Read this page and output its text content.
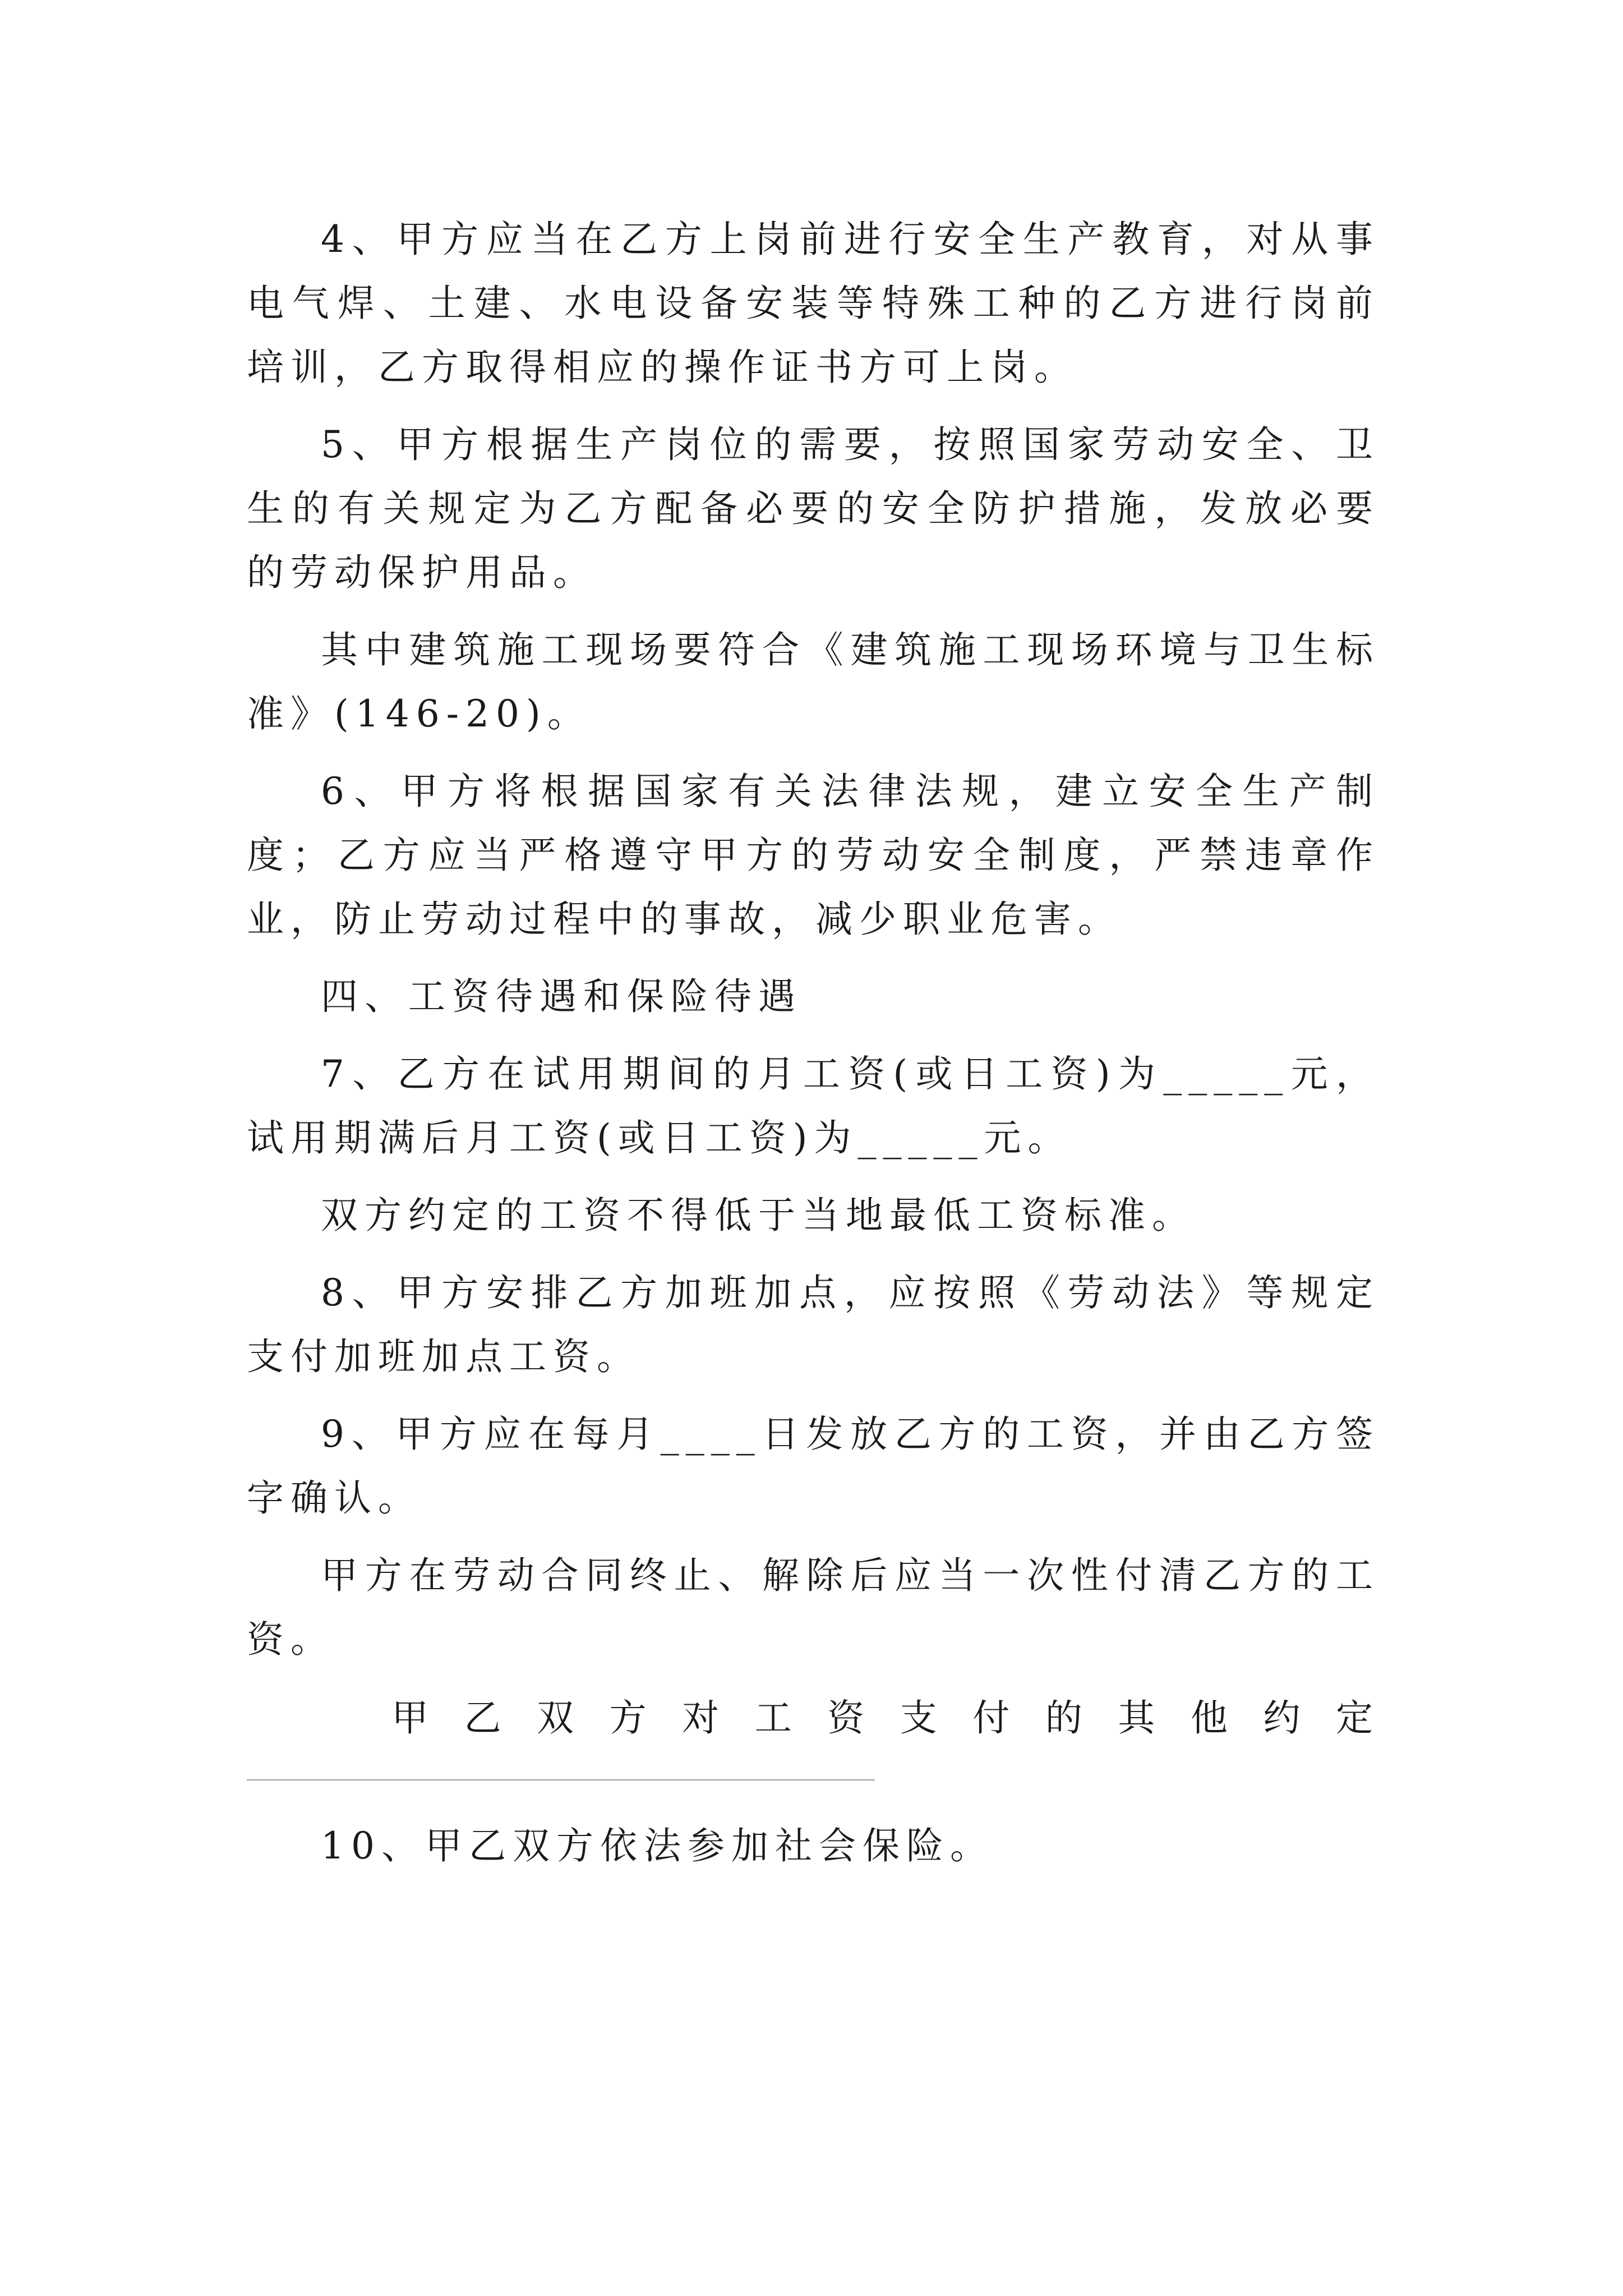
4、甲方应当在乙方上岗前进行安全生产教育，对从事电气焊、土建、水电设备安装等特殊工种的乙方进行岗前培训，乙方取得相应的操作证书方可上岗。

5、甲方根据生产岗位的需要，按照国家劳动安全、卫生的有关规定为乙方配备必要的安全防护措施，发放必要的劳动保护用品。

其中建筑施工现场要符合《建筑施工现场环境与卫生标准》(146-20)。

6、甲方将根据国家有关法律法规，建立安全生产制度；乙方应当严格遵守甲方的劳动安全制度，严禁违章作业，防止劳动过程中的事故，减少职业危害。

四、工资待遇和保险待遇

7、乙方在试用期间的月工资(或日工资)为_____元，试用期满后月工资(或日工资)为_____元。

双方约定的工资不得低于当地最低工资标准。

8、甲方安排乙方加班加点，应按照《劳动法》等规定支付加班加点工资。

9、甲方应在每月____日发放乙方的工资，并由乙方签字确认。

甲方在劳动合同终止、解除后应当一次性付清乙方的工资。

甲乙双方对工资支付的其他约定

10、甲乙双方依法参加社会保险。
